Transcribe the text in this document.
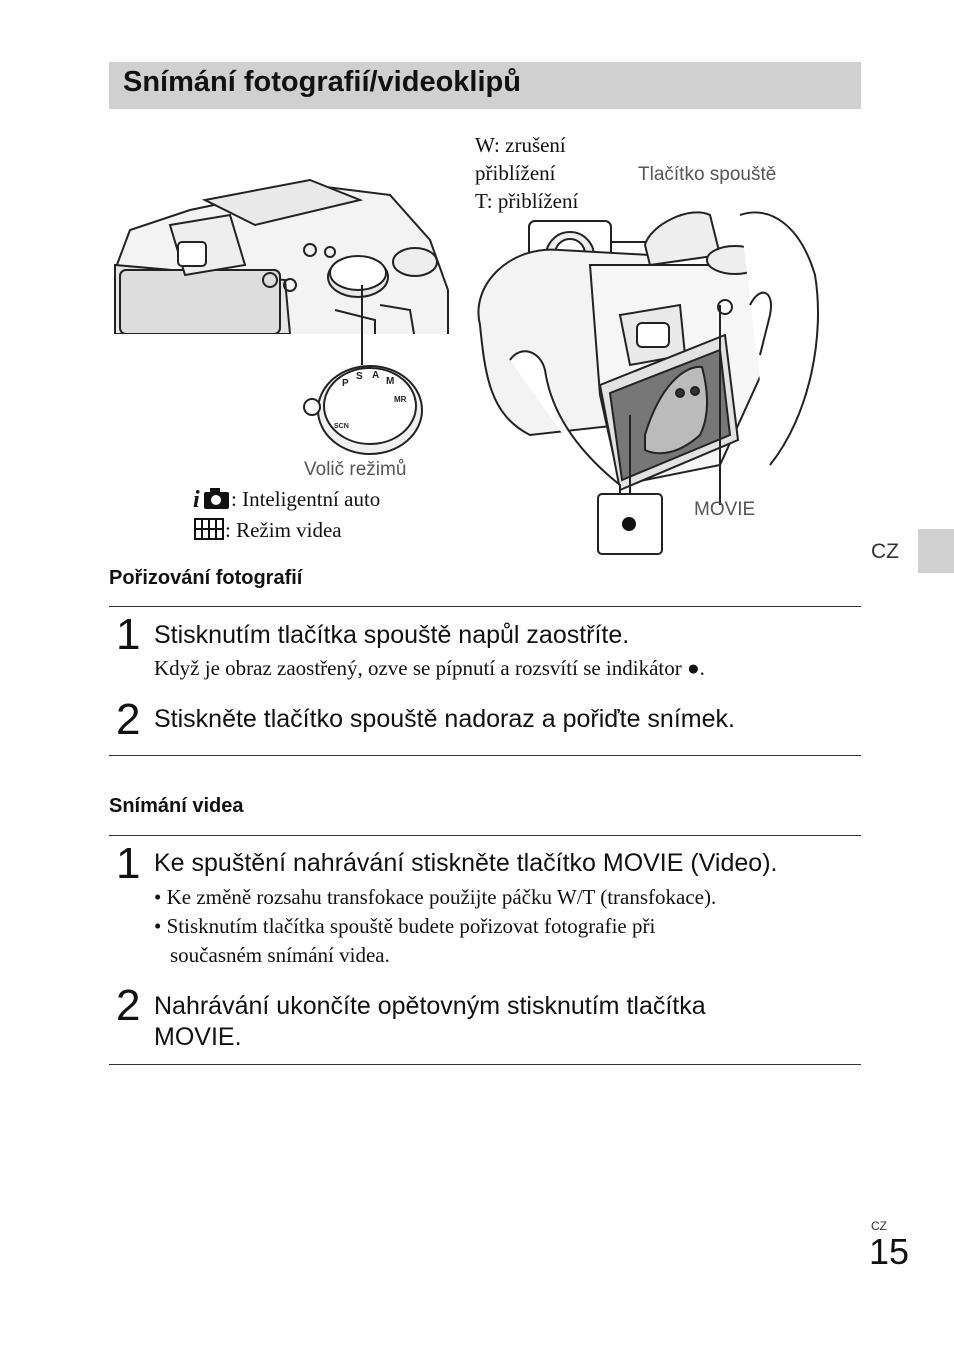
Snímání fotografií/videoklipů
P
S A
M
MR
SCN
Volič režimů
i : Inteligentní auto
: Režim videa
W: zrušení
přiblížení
T: přiblížení
Tlačítko spouště
MOVIE
CZ
Pořizování fotografií
1 Stisknutím tlačítka spouště napůl zaostříte.
Když je obraz zaostřený, ozve se pípnutí a rozsvítí se indikátor ●.
2 Stiskněte tlačítko spouště nadoraz a pořiďte snímek.
Snímání videa
1 Ke spuštění nahrávání stiskněte tlačítko MOVIE (Video).
• Ke změně rozsahu transfokace použijte páčku W/T (transfokace).
• Stisknutím tlačítka spouště budete pořizovat fotografie při
současném snímání videa.
2 Nahrávání ukončíte opětovným stisknutím tlačítka
MOVIE.
CZ
15
